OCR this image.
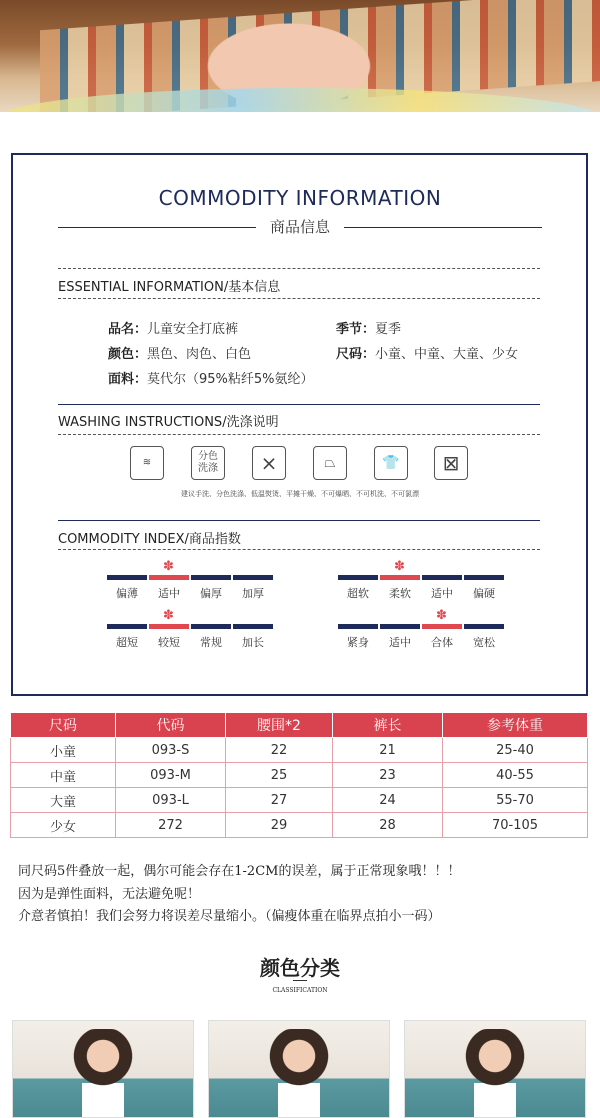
COMMODITY INFORMATION
商品信息
ESSENTIAL INFORMATION/基本信息
品名：儿童安全打底裤	季节：夏季
颜色：黑色、肉色、白色	尺码：小童、中童、大童、少女
面料：莫代尔（95%粘纤5%氨纶）
WASHING INSTRUCTIONS/洗涤说明
≋
分色洗涤	⨯	⏢	👕	⊠
建议手洗、分色洗涤、低温熨烫、平摊干燥、不可爆晒、不可机洗、不可氯漂
COMMODITY INDEX/商品指数
✽
偏薄	适中	偏厚	加厚
✽
超软	柔软	适中	偏硬
✽
超短	较短	常规	加长
✽
紧身	适中	合体	宽松
尺码	代码	腰围*2	裤长	参考体重
小童	093-S	22	21	25-40
中童	093-M	25	23	40-55
大童	093-L	27	24	55-70
少女	272	29	28	70-105
同尺码5件叠放一起，偶尔可能会存在1-2CM的误差，属于正常现象哦！！！
因为是弹性面料，无法避免呢！
介意者慎拍！我们会努力将误差尽量缩小。（偏瘦体重在临界点拍小一码）
颜色分类
CLASSIFICATION
